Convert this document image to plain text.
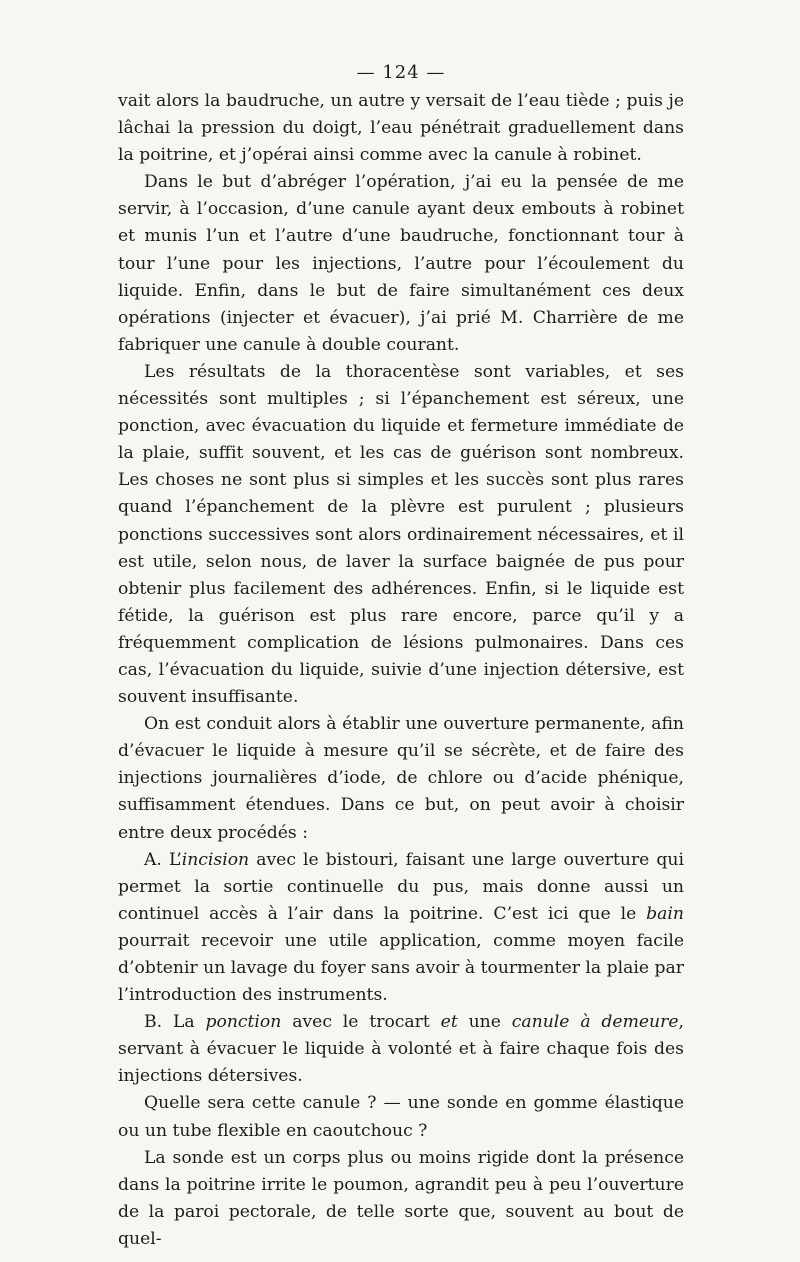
— 124 —

vait alors la baudruche, un autre y versait de l’eau tiède ; puis je lâchai la pression du doigt, l’eau pénétrait graduellement dans la poitrine, et j’opérai ainsi comme avec la canule à robinet.

Dans le but d’abréger l’opération, j’ai eu la pensée de me servir, à l’occasion, d’une canule ayant deux embouts à robinet et munis l’un et l’autre d’une baudruche, fonctionnant tour à tour l’une pour les injections, l’autre pour l’écoulement du liquide. Enfin, dans le but de faire simultanément ces deux opérations (injecter et évacuer), j’ai prié M. Charrière de me fabriquer une canule à double courant.

Les résultats de la thoracentèse sont variables, et ses nécessités sont multiples ; si l’épanchement est séreux, une ponction, avec évacuation du liquide et fermeture immédiate de la plaie, suffit souvent, et les cas de guérison sont nombreux. Les choses ne sont plus si simples et les succès sont plus rares quand l’épanchement de la plèvre est purulent ; plusieurs ponctions successives sont alors ordinairement nécessaires, et il est utile, selon nous, de laver la surface baignée de pus pour obtenir plus facilement des adhérences. Enfin, si le liquide est fétide, la guérison est plus rare encore, parce qu’il y a fréquemment complication de lésions pulmonaires. Dans ces cas, l’évacuation du liquide, suivie d’une injection détersive, est souvent insuffisante.

On est conduit alors à établir une ouverture permanente, afin d’évacuer le liquide à mesure qu’il se sécrète, et de faire des injections journalières d’iode, de chlore ou d’acide phénique, suffisamment étendues. Dans ce but, on peut avoir à choisir entre deux procédés :

A. L’incision avec le bistouri, faisant une large ouverture qui permet la sortie continuelle du pus, mais donne aussi un continuel accès à l’air dans la poitrine. C’est ici que le bain pourrait recevoir une utile application, comme moyen facile d’obtenir un lavage du foyer sans avoir à tourmenter la plaie par l’introduction des instruments.

B. La ponction avec le trocart et une canule à demeure, servant à évacuer le liquide à volonté et à faire chaque fois des injections détersives.

Quelle sera cette canule ? — une sonde en gomme élastique ou un tube flexible en caoutchouc ?

La sonde est un corps plus ou moins rigide dont la présence dans la poitrine irrite le poumon, agrandit peu à peu l’ouverture de la paroi pectorale, de telle sorte que, souvent au bout de quel-
